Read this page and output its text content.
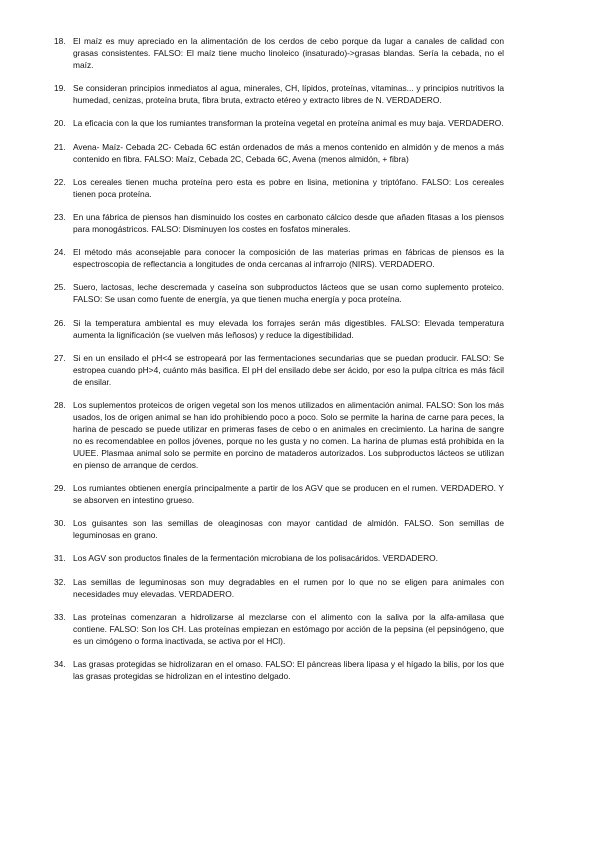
18. El maíz es muy apreciado en la alimentación de los cerdos de cebo porque da lugar a canales de calidad con grasas consistentes. FALSO: El maíz tiene mucho linoleico (insaturado)->grasas blandas. Sería la cebada, no el maíz.
19. Se consideran principios inmediatos al agua, minerales, CH, lípidos, proteínas, vitaminas... y principios nutritivos la humedad, cenizas, proteína bruta, fibra bruta, extracto etéreo y extracto libres de N. VERDADERO.
20. La eficacia con la que los rumiantes transforman la proteína vegetal en proteína animal es muy baja. VERDADERO.
21. Avena- Maíz- Cebada 2C- Cebada 6C están ordenados de más a menos contenido en almidón y de menos a más contenido en fibra. FALSO: Maíz, Cebada 2C, Cebada 6C, Avena (menos almidón, + fibra)
22. Los cereales tienen mucha proteína pero esta es pobre en lisina, metionina y triptófano. FALSO: Los cereales tienen poca proteína.
23. En una fábrica de piensos han disminuido los costes en carbonato cálcico desde que añaden fitasas a los piensos para monogástricos. FALSO: Disminuyen los costes en fosfatos minerales.
24. El método más aconsejable para conocer la composición de las materias primas en fábricas de piensos es la espectroscopia de reflectancia a longitudes de onda cercanas al infrarrojo (NIRS). VERDADERO.
25. Suero, lactosas, leche descremada y caseína son subproductos lácteos que se usan como suplemento proteico. FALSO: Se usan como fuente de energía, ya que tienen mucha energía y poca proteína.
26. Si la temperatura ambiental es muy elevada los forrajes serán más digestibles. FALSO: Elevada temperatura aumenta la lignificación (se vuelven más leñosos) y reduce la digestibilidad.
27. Si en un ensilado el pH<4 se estropeará por las fermentaciones secundarias que se puedan producir. FALSO: Se estropea cuando pH>4, cuánto más basifica. El pH del ensilado debe ser ácido, por eso la pulpa cítrica es más fácil de ensilar.
28. Los suplementos proteicos de origen vegetal son los menos utilizados en alimentación animal. FALSO: Son los más usados, los de origen animal se han ido prohibiendo poco a poco. Solo se permite la harina de carne para peces, la harina de pescado se puede utilizar en primeras fases de cebo o en animales en crecimiento. La harina de sangre no es recomendablee en pollos jóvenes, porque no les gusta y no comen. La harina de plumas está prohibida en la UUEE. Plasmaa animal solo se permite en porcino de mataderos autorizados. Los subproductos lácteos se utilizan en pienso de arranque de cerdos.
29. Los rumiantes obtienen energía principalmente a partir de los AGV que se producen en el rumen. VERDADERO. Y se absorven en intestino grueso.
30. Los guisantes son las semillas de oleaginosas con mayor cantidad de almidón. FALSO. Son semillas de leguminosas en grano.
31. Los AGV son productos finales de la fermentación microbiana de los polisacáridos. VERDADERO.
32. Las semillas de leguminosas son muy degradables en el rumen por lo que no se eligen para animales con necesidades muy elevadas. VERDADERO.
33. Las proteínas comenzaran a hidrolizarse al mezclarse con el alimento con la saliva por la alfa-amilasa que contiene. FALSO: Son los CH. Las proteínas empiezan en estómago por acción de la pepsina (el pepsinógeno, que es un cimógeno o forma inactivada, se activa por el HCl).
34. Las grasas protegidas se hidrolizaran en el omaso. FALSO: El páncreas libera lipasa y el hígado la bilis, por los que las grasas protegidas se hidrolizan en el intestino delgado.
